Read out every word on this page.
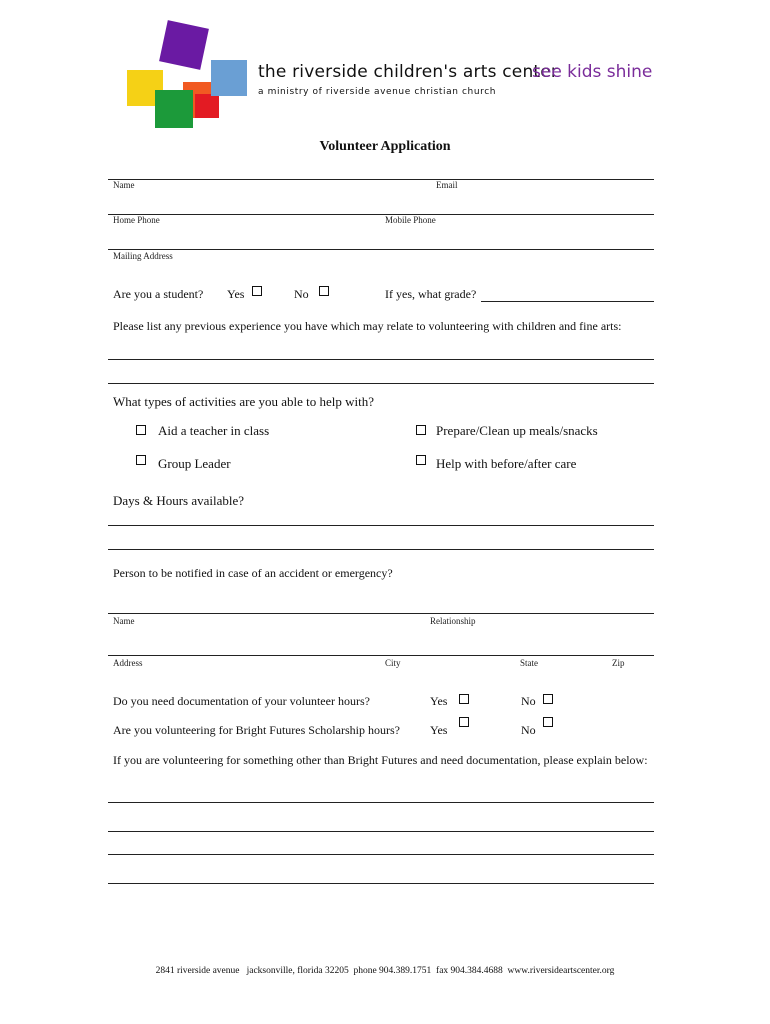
the riverside children's arts center
a ministry of riverside avenue christian church
see kids shine
Volunteer Application
Name	Email
Home Phone	Mobile Phone
Mailing Address
Are you a student? Yes	No	If yes, what grade?
Please list any previous experience you have which may relate to volunteering with children and fine arts:
What types of activities are you able to help with?
Aid a teacher in class	Prepare/Clean up meals/snacks
Group Leader	Help with before/after care
Days & Hours available?
Person to be notified in case of an accident or emergency?
Name	Relationship
Address	City	State	Zip
Do you need documentation of your volunteer hours?	Yes	No
Are you volunteering for Bright Futures Scholarship hours?	Yes	No
If you are volunteering for something other than Bright Futures and need documentation, please explain below:
2841 riverside avenue   jacksonville, florida 32205  phone 904.389.1751  fax 904.384.4688  www.riversideartscenter.org
